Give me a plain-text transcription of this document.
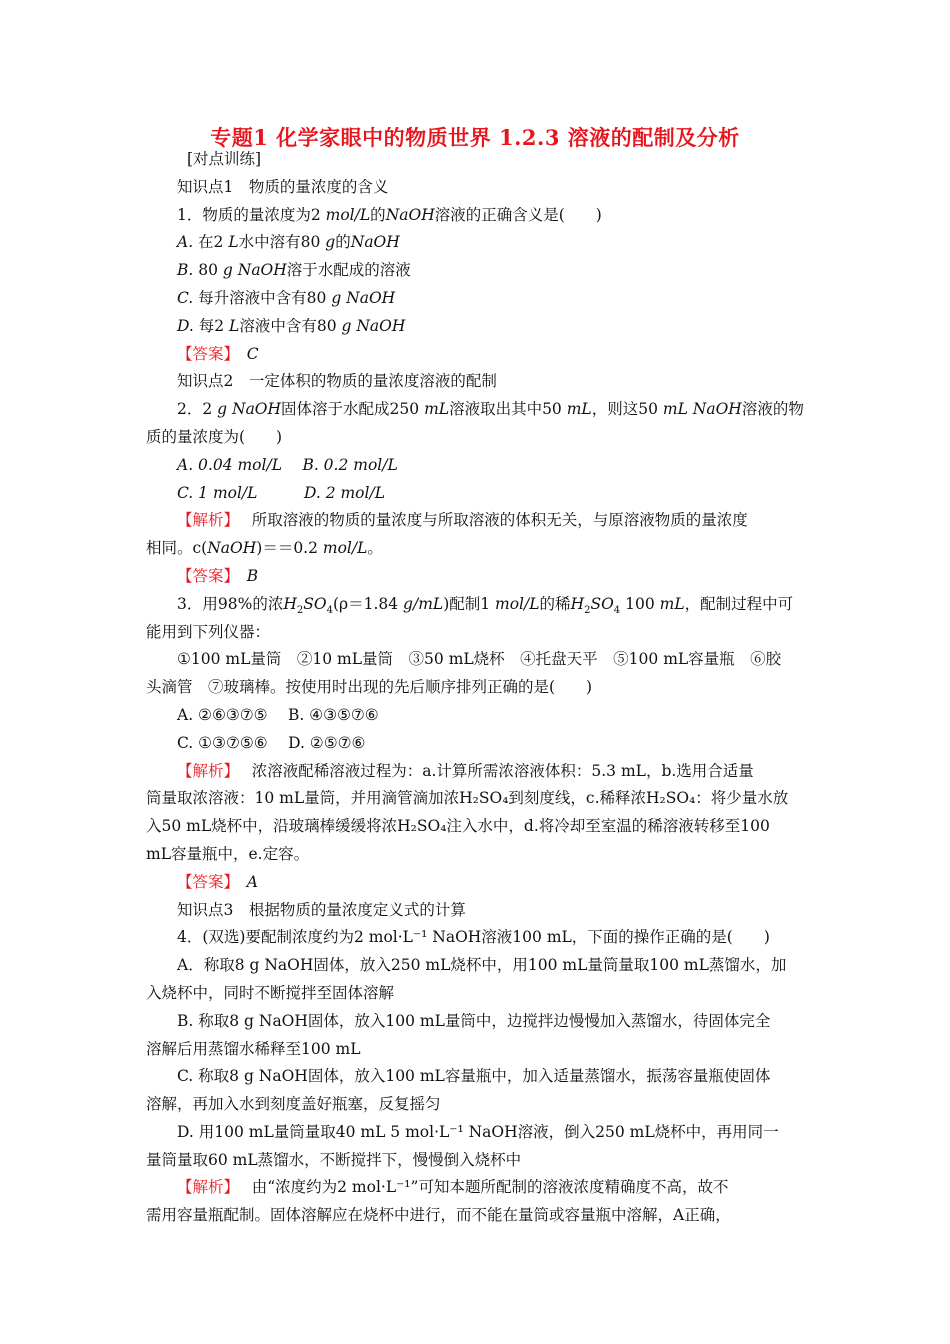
专题1 化学家眼中的物质世界 1.2.3 溶液的配制及分析

[对点训练]

知识点1　物质的量浓度的含义

1．物质的量浓度为2 mol/L的NaOH溶液的正确含义是(　　)

A. 在2 L水中溶有80 g的NaOH

B. 80 g NaOH溶于水配成的溶液

C. 每升溶液中含有80 g NaOH

D. 每2 L溶液中含有80 g NaOH

【答案】　 C

知识点2　一定体积的物质的量浓度溶液的配制

2．2 g NaOH固体溶于水配成250 mL溶液取出其中50 mL，则这50 mL NaOH溶液的物

质的量浓度为(　　)

A. 0.04 mol/L　 B. 0.2 mol/L

C. 1 mol/L　　　	D. 2 mol/L

【解析】　 所取溶液的物质的量浓度与所取溶液的体积无关，与原溶液物质的量浓度

相同。c(NaOH)＝＝0.2 mol/L。

【答案】　 B

3．用98%的浓$H_2SO_4(\rho=1.84$ g/mL)配制1 mol/L的稀$H_2SO_4$ 100 mL，配制过程中可

能用到下列仪器：

①100 mL量筒　②10 mL量筒　③50 mL烧杯　④托盘天平　⑤100 mL容量瓶　⑥胶

头滴管　⑦玻璃棒。按使用时出现的先后顺序排列正确的是(　　)

A. ②⑥③⑦⑤　 B. ④③⑤⑦⑥

C. ①③⑦⑤⑥　 D. ②⑤⑦⑥

【解析】　 浓溶液配稀溶液过程为：a.计算所需浓溶液体积：5.3 mL，b.选用合适量

筒量取浓溶液：10 mL量筒，并用滴管滴加浓H₂SO₄到刻度线，c.稀释浓H₂SO₄：将少量水放

入50 mL烧杯中，沿玻璃棒缓缓将浓H₂SO₄注入水中，d.将冷却至室温的稀溶液转移至100

mL容量瓶中，e.定容。

【答案】　 A

知识点3　根据物质的量浓度定义式的计算

4．(双选)要配制浓度约为2 mol·L⁻¹ NaOH溶液100 mL，下面的操作正确的是(　　)

A．称取8 g NaOH固体，放入250 mL烧杯中，用100 mL量筒量取100 mL蒸馏水，加

入烧杯中，同时不断搅拌至固体溶解

B. 称取8 g NaOH固体，放入100 mL量筒中，边搅拌边慢慢加入蒸馏水，待固体完全

溶解后用蒸馏水稀释至100 mL

C. 称取8 g NaOH固体，放入100 mL容量瓶中，加入适量蒸馏水，振荡容量瓶使固体

溶解，再加入水到刻度盖好瓶塞，反复摇匀

D. 用100 mL量筒量取40 mL 5 mol·L⁻¹ NaOH溶液，倒入250 mL烧杯中，再用同一

量筒量取60 mL蒸馏水，不断搅拌下，慢慢倒入烧杯中

【解析】　 由“浓度约为2 mol·L⁻¹”可知本题所配制的溶液浓度精确度不高，故不

需用容量瓶配制。固体溶解应在烧杯中进行，而不能在量筒或容量瓶中溶解，A正确，
